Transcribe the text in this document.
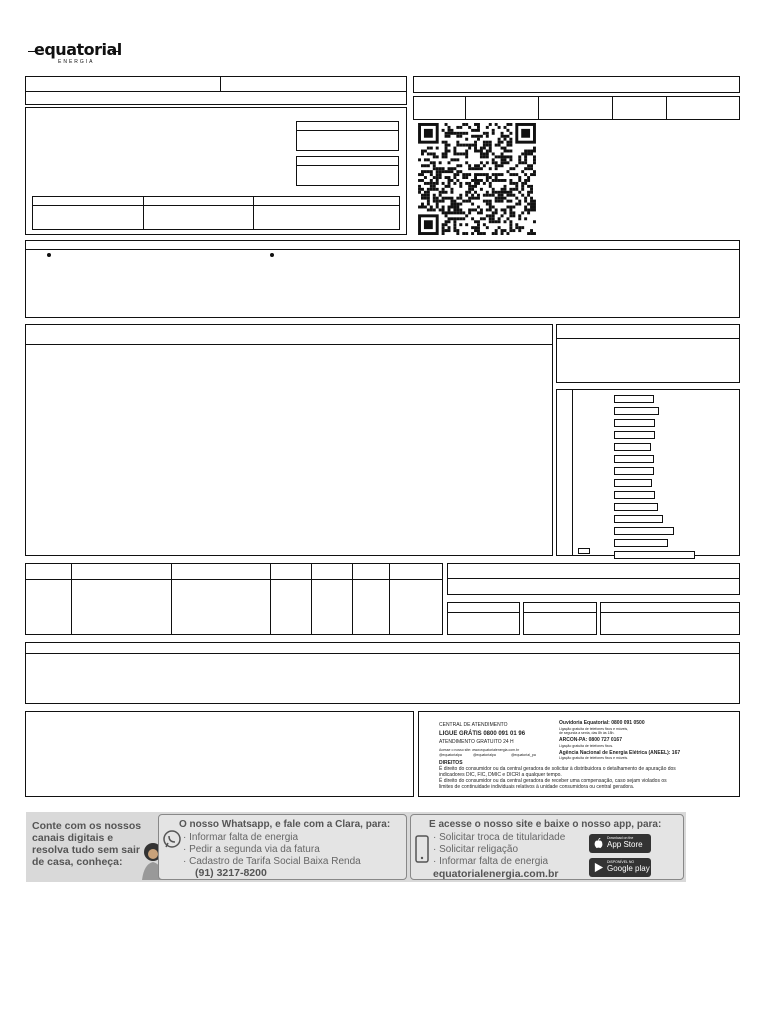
equatorial
ENERGIA
CENTRAL DE ATENDIMENTO
LIGUE GRÁTIS 0800 091 01 96
ATENDIMENTO GRATUITO 24 H
Acesse o nosso site: www.equatorialenergia.com.br
@equatorialpa	@equatorialpa	@equatorial_pa
Ouvidoria Equatorial: 0800 091 0500
Ligação gratuita de telefones fixos e móveis,
de segunda a sexta, das 8h às 18h.
ARCON-PA: 0800 727 0167
Ligação gratuita de telefones fixos.
Agência Nacional de Energia Elétrica (ANEEL): 167
Ligação gratuita de telefones fixos e móveis.
DIREITOS
É direito do consumidor ou da central geradora de solicitar à distribuidora o detalhamento de apuração dos
indicadores DIC, FIC, DMIC e DICRI a qualquer tempo.
É direito do consumidor ou da central geradora de receber uma compensação, caso sejam violados os
limites de continuidade individuais relativos à unidade consumidora ou central geradora.
Conte com os nossos canais digitais e resolva tudo sem sair de casa, conheça:
O nosso Whatsapp, e fale com a Clara, para:
· Informar falta de energia
· Pedir a segunda via da fatura
· Cadastro de Tarifa Social Baixa Renda
(91) 3217-8200
E acesse o nosso site e baixe o nosso app, para:
· Solicitar troca de titularidade
· Solicitar religação
· Informar falta de energia
equatorialenergia.com.br
Download on the
App Store
DISPONÍVEL NO
Google play
